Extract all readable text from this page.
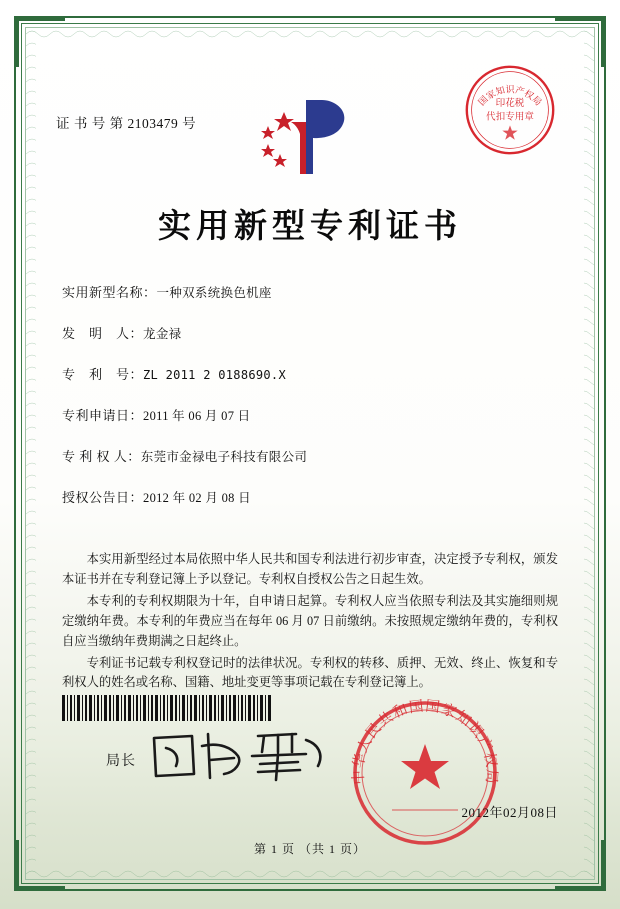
证 书 号 第 2103479 号
国家知识产权局
印花税
代扣专用章
实用新型专利证书
实用新型名称： 一种双系统换色机座
发　明　人： 龙金禄
专　利　号： ZL 2011 2 0188690.X
专利申请日： 2011 年 06 月 07 日
专 利 权 人： 东莞市金禄电子科技有限公司
授权公告日： 2012 年 02 月 08 日

本实用新型经过本局依照中华人民共和国专利法进行初步审查，决定授予专利权，颁发本证书并在专利登记簿上予以登记。专利权自授权公告之日起生效。

本专利的专利权期限为十年，自申请日起算。专利权人应当依照专利法及其实施细则规定缴纳年费。本专利的年费应当在每年 06 月 07 日前缴纳。未按照规定缴纳年费的，专利权自应当缴纳年费期满之日起终止。

专利证书记载专利权登记时的法律状况。专利权的转移、质押、无效、终止、恢复和专利权人的姓名或名称、国籍、地址变更等事项记载在专利登记簿上。

局长
中华人民共和国国家知识产权局
2012年02月08日
第 1 页 （共 1 页）
